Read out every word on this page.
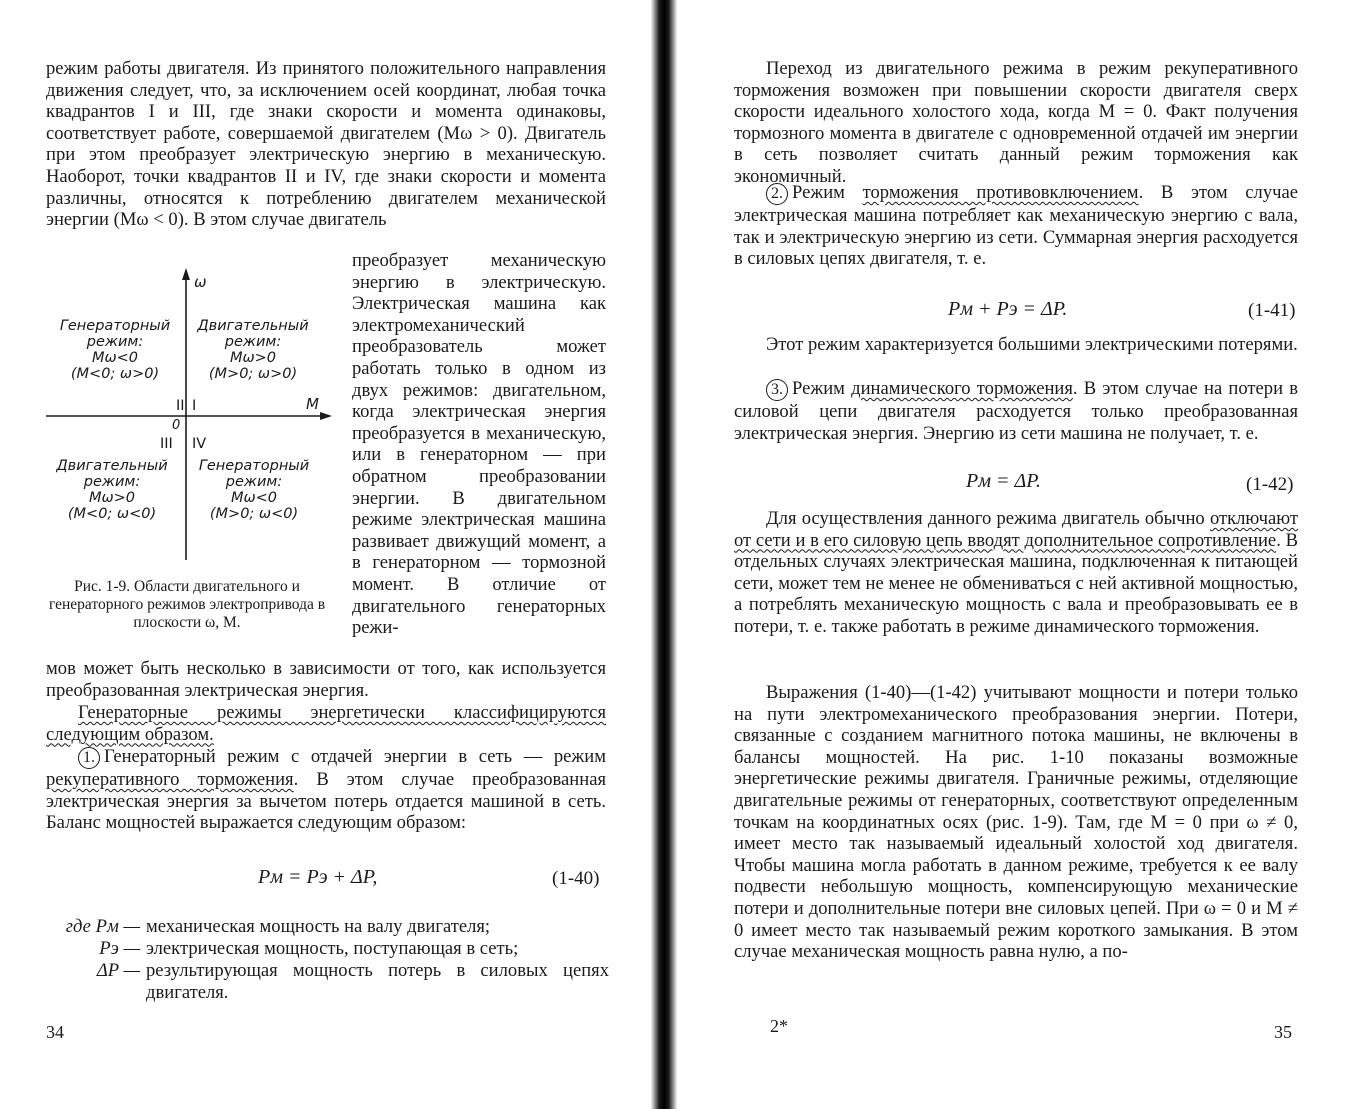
режим работы двигателя. Из принятого положительного направления движения следует, что, за исключением осей координат, любая точка квадрантов I и III, где знаки скорости и момента одинаковы, соответствует работе, совершаемой двигателем (Mω > 0). Двигатель при этом преобразует электрическую энергию в механическую. Наоборот, точки квадрантов II и IV, где знаки скорости и момента различны, относятся к потреблению двигателем механической энергии (Mω < 0). В этом случае двигатель

ω
M
0
II I
III IV
Генераторный
режим:
Mω<0
(M<0; ω>0)
Двигательный
режим:
Mω>0
(M>0; ω>0)
Двигательный
режим:
Mω>0
(M<0; ω<0)
Генераторный
режим:
Mω<0
(M>0; ω<0)

преобразует механическую энергию в электрическую. Электрическая машина как электромеханический преобразователь может работать только в одном из двух режимов: двигательном, когда электрическая энергия преобразуется в механическую, или в генераторном — при обратном преобразовании энергии. В двигательном режиме электрическая машина развивает движущий момент, а в генераторном — тормозной момент. В отличие от двигательного генераторных режи-

Рис. 1-9. Области двигательного и генераторного режимов электропривода в плоскости ω, M.

мов может быть несколько в зависимости от того, как используется преобразованная электрическая энергия.

Генераторные режимы энергетически классифицируются следующим образом.

1. Генераторный режим с отдачей энергии в сеть — режим рекуперативного торможения. В этом случае преобразованная электрическая энергия за вычетом потерь отдается машиной в сеть. Баланс мощностей выражается следующим образом:

Pм = Pэ + ΔP,	(1-40)
где Pм — механическая мощность на валу двигателя;
Pэ — электрическая мощность, поступающая в сеть;
ΔP — результирующая мощность потерь в силовых цепях двигателя.
34

Переход из двигательного режима в режим рекуперативного торможения возможен при повышении скорости двигателя сверх скорости идеального холостого хода, когда M = 0. Факт получения тормозного момента в двигателе с одновременной отдачей им энергии в сеть позволяет считать данный режим торможения как экономичный.

2. Режим торможения противовключением. В этом случае электрическая машина потребляет как механическую энергию с вала, так и электрическую энергию из сети. Суммарная энергия расходуется в силовых цепях двигателя, т. е.

Pм + Pэ = ΔP.	(1-41)

Этот режим характеризуется большими электрическими потерями.

3. Режим динамического торможения. В этом случае на потери в силовой цепи двигателя расходуется только преобразованная электрическая энергия. Энергию из сети машина не получает, т. е.

Pм = ΔP.	(1-42)

Для осуществления данного режима двигатель обычно отключают от сети и в его силовую цепь вводят дополнительное сопротивление. В отдельных случаях электрическая машина, подключенная к питающей сети, может тем не менее не обмениваться с ней активной мощностью, а потреблять механическую мощность с вала и преобразовывать ее в потери, т. е. также работать в режиме динамического торможения.

Выражения (1-40)—(1-42) учитывают мощности и потери только на пути электромеханического преобразования энергии. Потери, связанные с созданием магнитного потока машины, не включены в балансы мощностей. На рис. 1-10 показаны возможные энергетические режимы двигателя. Граничные режимы, отделяющие двигательные режимы от генераторных, соответствуют определенным точкам на координатных осях (рис. 1-9). Там, где M = 0 при ω ≠ 0, имеет место так называемый идеальный холостой ход двигателя. Чтобы машина могла работать в данном режиме, требуется к ее валу подвести небольшую мощность, компенсирующую механические потери и дополнительные потери вне силовых цепей. При ω = 0 и M ≠ 0 имеет место так называемый режим короткого замыкания. В этом случае механическая мощность равна нулю, а по-

2*	35
